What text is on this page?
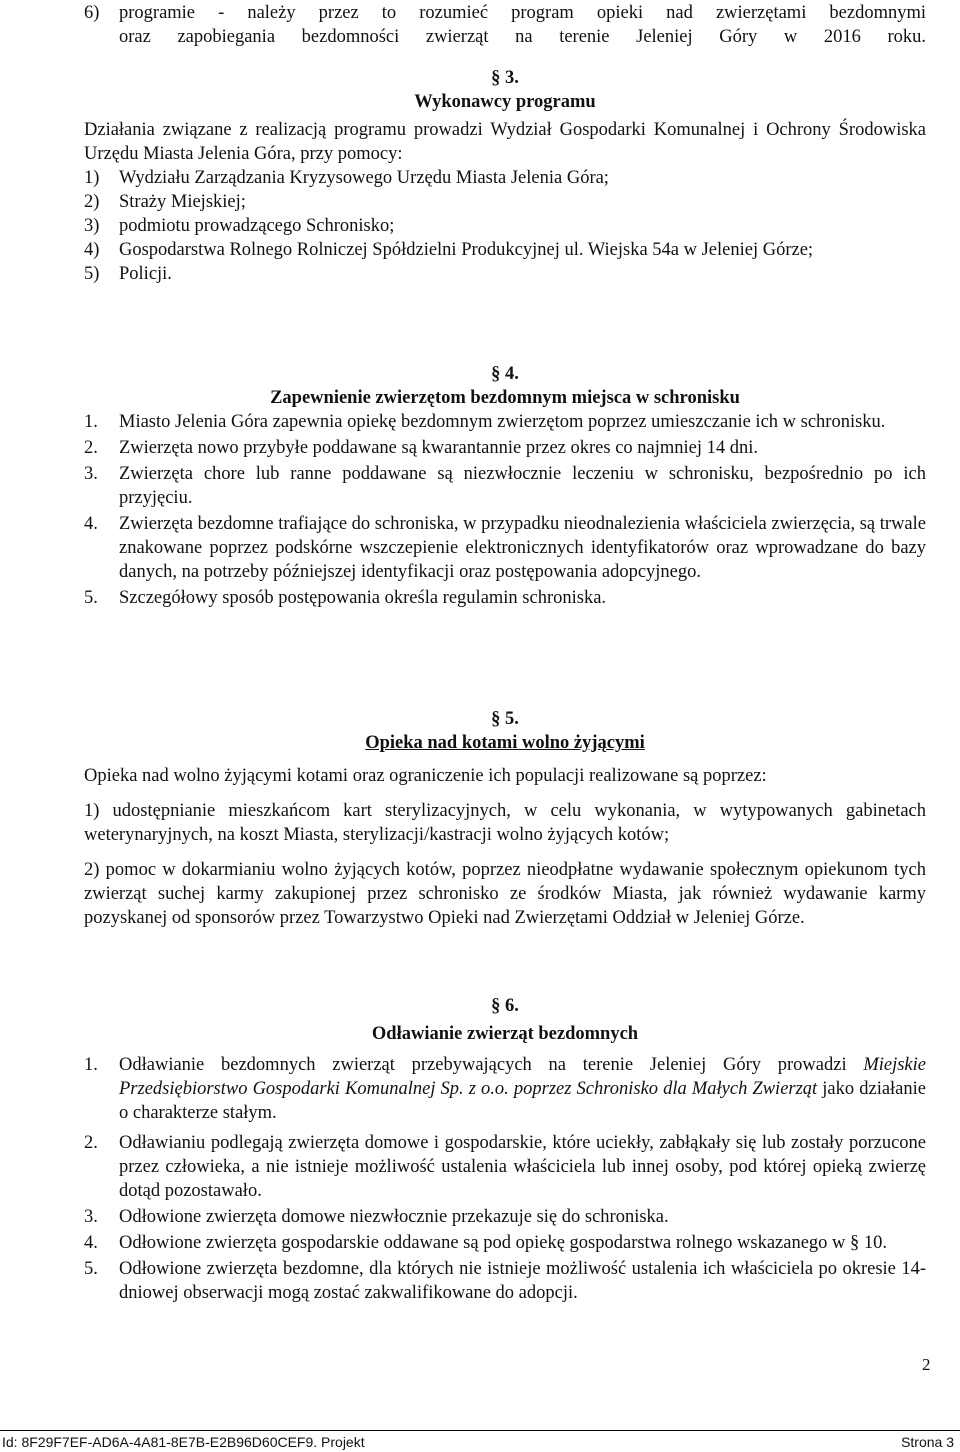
6)	programie - należy przez to rozumieć program opieki nad zwierzętami bezdomnymi
oraz zapobiegania bezdomności zwierząt na terenie Jeleniej Góry w 2016 roku.
§ 3.
Wykonawcy programu
Działania związane z realizacją programu prowadzi Wydział Gospodarki Komunalnej i Ochrony Środowiska Urzędu Miasta Jelenia Góra, przy pomocy:
1)	Wydziału Zarządzania Kryzysowego Urzędu Miasta Jelenia Góra;
2)	Straży Miejskiej;
3)	podmiotu prowadzącego Schronisko;
4)	Gospodarstwa Rolnego Rolniczej Spółdzielni Produkcyjnej ul. Wiejska 54a w Jeleniej Górze;
5)	Policji.
§ 4.
Zapewnienie zwierzętom bezdomnym miejsca w schronisku
1.	Miasto Jelenia Góra zapewnia opiekę bezdomnym zwierzętom poprzez umieszczanie ich w schronisku.
2.	Zwierzęta nowo przybyłe poddawane są kwarantannie przez okres co najmniej 14 dni.
3.	Zwierzęta chore lub ranne poddawane są niezwłocznie leczeniu w schronisku, bezpośrednio po ich przyjęciu.
4.	Zwierzęta bezdomne trafiające do schroniska, w przypadku nieodnalezienia właściciela zwierzęcia, są trwale znakowane poprzez podskórne wszczepienie elektronicznych identyfikatorów oraz wprowadzane do bazy danych, na potrzeby późniejszej identyfikacji oraz postępowania adopcyjnego.
5.	Szczegółowy sposób postępowania określa regulamin schroniska.
§ 5.
Opieka nad kotami wolno żyjącymi
Opieka nad wolno żyjącymi kotami oraz ograniczenie ich populacji realizowane są poprzez:
1) udostępnianie mieszkańcom kart sterylizacyjnych, w celu wykonania, w wytypowanych gabinetach weterynaryjnych, na koszt Miasta, sterylizacji/kastracji wolno żyjących kotów;
2) pomoc w dokarmianiu wolno żyjących kotów, poprzez nieodpłatne wydawanie społecznym opiekunom tych zwierząt suchej karmy zakupionej przez schronisko ze środków Miasta, jak również wydawanie karmy pozyskanej od sponsorów przez Towarzystwo Opieki nad Zwierzętami Oddział w Jeleniej Górze.
§ 6.
Odławianie zwierząt bezdomnych
1.	Odławianie bezdomnych zwierząt przebywających na terenie Jeleniej Góry prowadzi Miejskie Przedsiębiorstwo Gospodarki Komunalnej Sp. z o.o. poprzez Schronisko dla Małych Zwierząt jako działanie o charakterze stałym.
2.	Odławianiu podlegają zwierzęta domowe i gospodarskie, które uciekły, zabłąkały się lub zostały porzucone przez człowieka, a nie istnieje możliwość ustalenia właściciela lub innej osoby, pod której opieką zwierzę dotąd pozostawało.
3.	Odłowione zwierzęta domowe niezwłocznie przekazuje się do schroniska.
4.	Odłowione zwierzęta gospodarskie oddawane są pod opiekę gospodarstwa rolnego wskazanego w § 10.
5.	Odłowione zwierzęta bezdomne, dla których nie istnieje możliwość ustalenia ich właściciela po okresie 14- dniowej obserwacji mogą zostać zakwalifikowane do adopcji.
2
Id: 8F29F7EF-AD6A-4A81-8E7B-E2B96D60CEF9. Projekt	Strona 3
